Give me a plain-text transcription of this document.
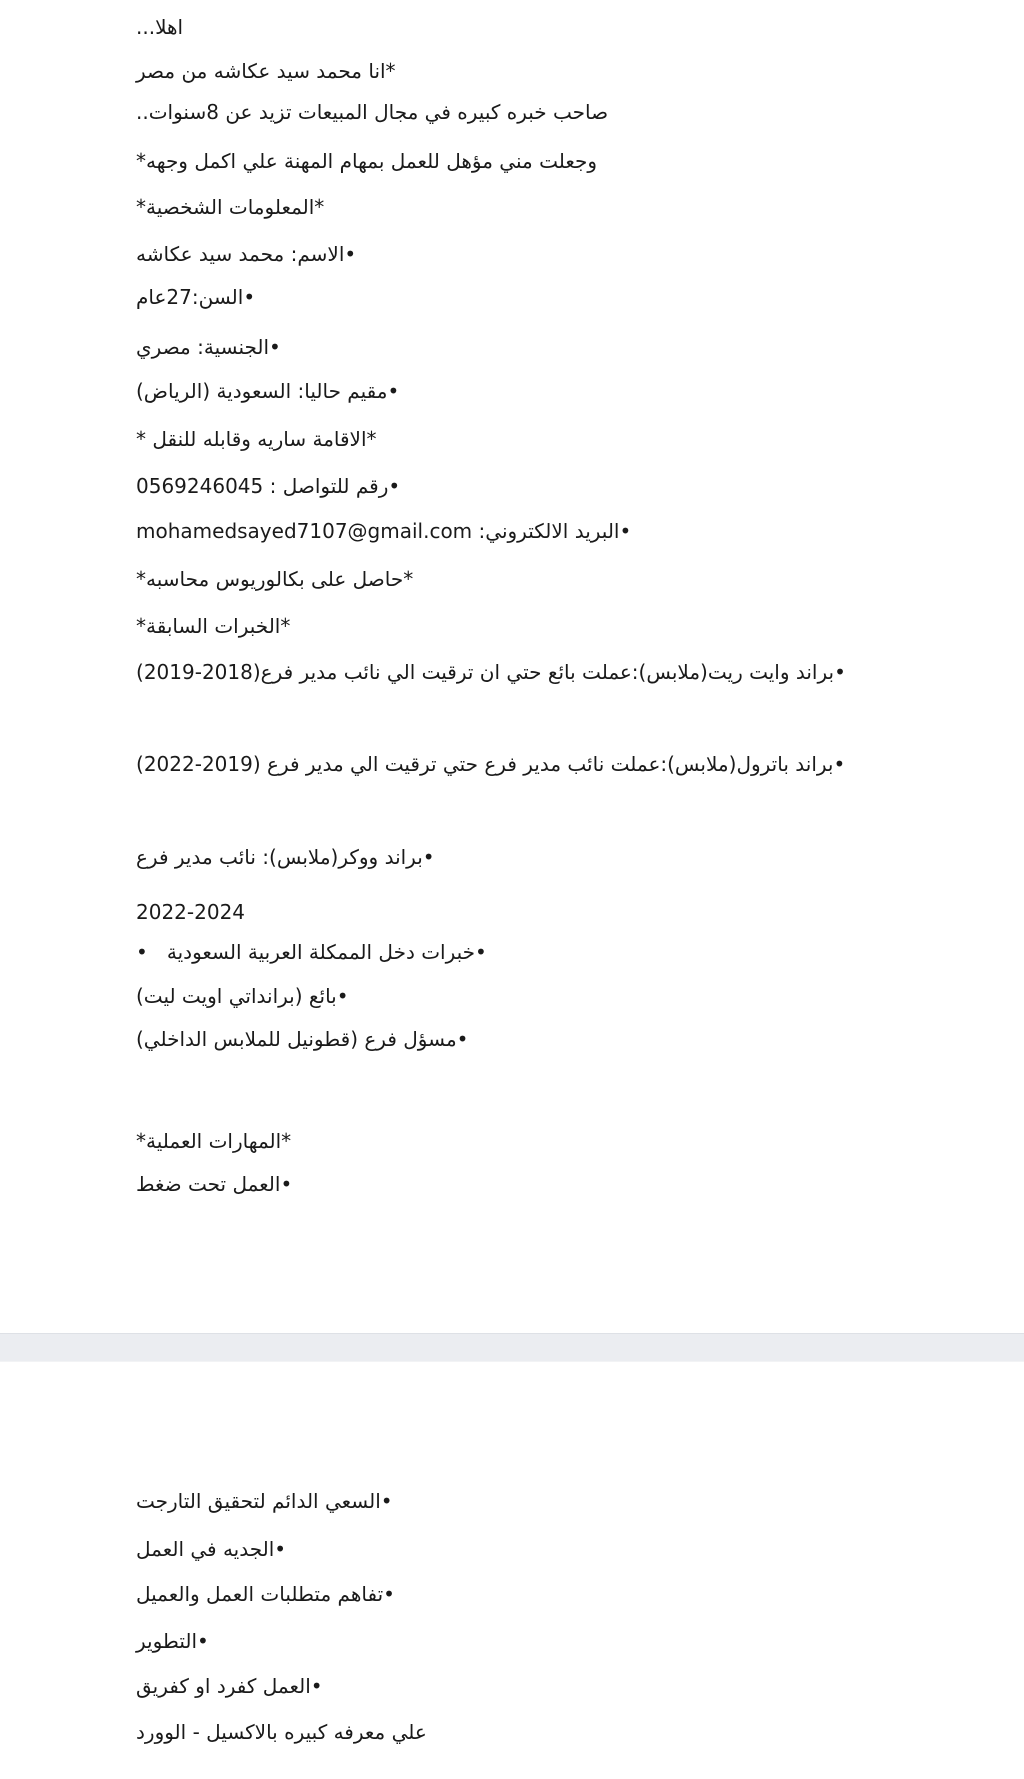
اهلا...
*انا محمد سيد عكاشه من مصر
صاحب خبره كبيره في مجال المبيعات تزيد عن 8سنوات..
وجعلت مني مؤهل للعمل بمهام المهنة علي اكمل وجهه*
*المعلومات الشخصية*
•الاسم: محمد سيد عكاشه
•السن:27عام
•الجنسية: مصري
•مقيم حاليا: السعودية (الرياض)
*الاقامة ساريه وقابله للنقل *
•رقم للتواصل : 0569246045
•البريد الالكتروني: mohamedsayed7107@gmail.com
*حاصل على بكالوريوس محاسبه*
*الخبرات السابقة*
•براند وايت ريت(ملابس):عملت بائع حتي ان ترقيت الي نائب مدير فرع(2018-2019)
•براند باترول(ملابس):عملت نائب مدير فرع حتي ترقيت الي مدير فرع (2019-2022)
•براند ووكر(ملابس): نائب مدير فرع
2022-2024
•خبرات دخل الممكلة العربية السعودية   •
•بائع (برانداتي اويت ليت)
•مسؤل فرع (قطونيل للملابس الداخلي)
*المهارات العملية*
•العمل تحت ضغط
•السعي الدائم لتحقيق التارجت
•الجديه في العمل
•تفاهم متطلبات العمل والعميل
•التطوير
•العمل كفرد او كفريق
علي معرفه كبيره بالاكسيل - الوورد
